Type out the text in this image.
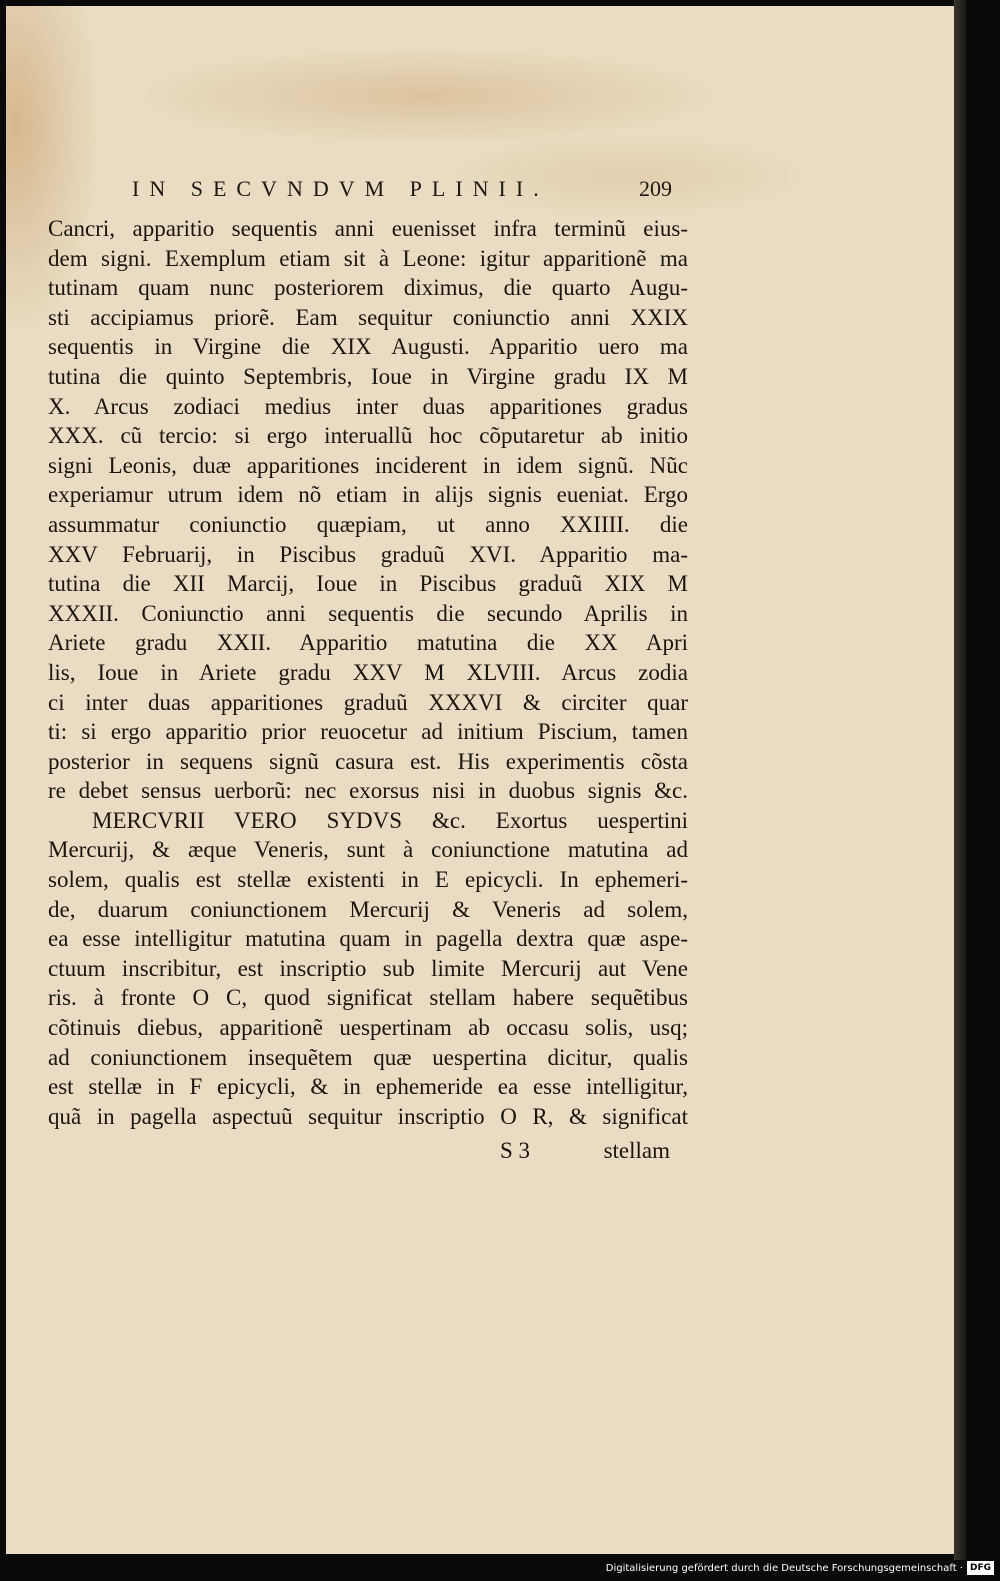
IN SECVNDVM PLINII.	209
Cancri, apparitio sequentis anni euenisset infra terminũ eius-
dem signi. Exemplum etiam sit à Leone: igitur apparitionẽ ma
tutinam quam nunc posteriorem diximus, die quarto Augu-
sti accipiamus priorẽ. Eam sequitur coniunctio anni XXIX
sequentis in Virgine die XIX Augusti. Apparitio uero ma
tutina die quinto Septembris, Ioue in Virgine gradu IX M
X. Arcus zodiaci medius inter duas apparitiones gradus
XXX. cũ tercio: si ergo interuallũ hoc cõputaretur ab initio
signi Leonis, duæ apparitiones inciderent in idem signũ. Nũc
experiamur utrum idem nõ etiam in alijs signis eueniat. Ergo
assummatur coniunctio quæpiam, ut anno XXIIII. die
XXV Februarij, in Piscibus graduũ XVI. Apparitio ma-
tutina die XII Marcij, Ioue in Piscibus graduũ XIX M
XXXII. Coniunctio anni sequentis die secundo Aprilis in
Ariete gradu XXII. Apparitio matutina die XX Apri
lis, Ioue in Ariete gradu XXV M XLVIII. Arcus zodia
ci inter duas apparitiones graduũ XXXVI & circiter quar
ti: si ergo apparitio prior reuocetur ad initium Piscium, tamen
posterior in sequens signũ casura est. His experimentis cõsta
re debet sensus uerborũ: nec exorsus nisi in duobus signis &c.
MERCVRII VERO SYDVS &c. Exortus uespertini
Mercurij, & æque Veneris, sunt à coniunctione matutina ad
solem, qualis est stellæ existenti in E epicycli. In ephemeri-
de, duarum coniunctionem Mercurij & Veneris ad solem,
ea esse intelligitur matutina quam in pagella dextra quæ aspe-
ctuum inscribitur, est inscriptio sub limite Mercurij aut Vene
ris. à fronte O C, quod significat stellam habere sequẽtibus
cõtinuis diebus, apparitionẽ uespertinam ab occasu solis, usq;
ad coniunctionem insequẽtem quæ uespertina dicitur, qualis
est stellæ in F epicycli, & in ephemeride ea esse intelligitur,
quã in pagella aspectuũ sequitur inscriptio O R, & significat
S 3	stellam
Digitalisierung gefördert durch die Deutsche Forschungsgemeinschaft · DFG
